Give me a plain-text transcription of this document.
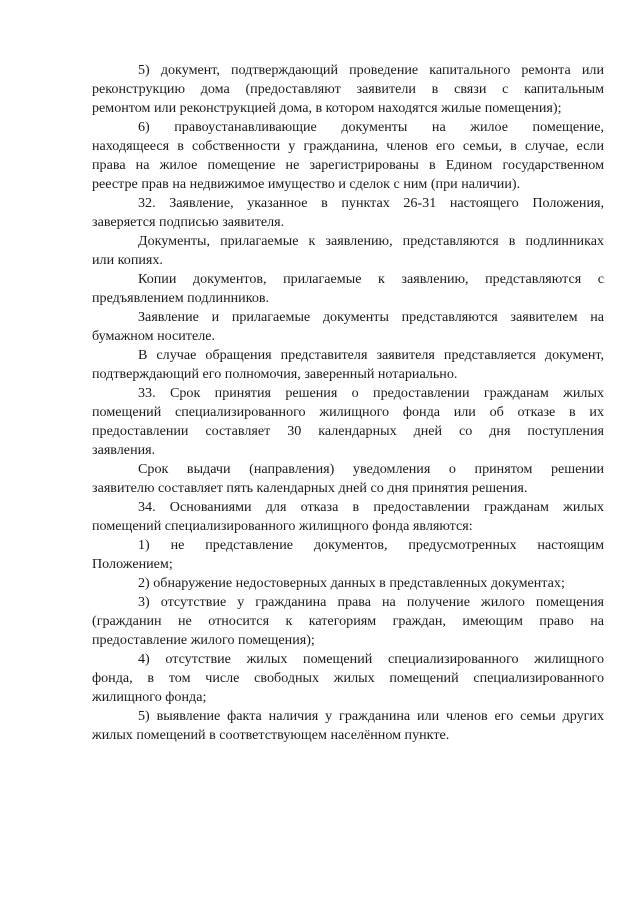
5) документ, подтверждающий проведение капитального ремонта или
реконструкцию дома (предоставляют заявители в связи с капитальным
ремонтом или реконструкцией дома, в котором находятся жилые помещения);
6) правоустанавливающие документы на жилое помещение,
находящееся в собственности у гражданина, членов его семьи, в случае, если
права на жилое помещение не зарегистрированы в Едином государственном
реестре прав на недвижимое имущество и сделок с ним (при наличии).
32. Заявление, указанное в пунктах 26-31 настоящего Положения,
заверяется подписью заявителя.
Документы, прилагаемые к заявлению, представляются в подлинниках
или копиях.
Копии документов, прилагаемые к заявлению, представляются с
предъявлением подлинников.
Заявление и прилагаемые документы представляются заявителем на
бумажном носителе.
В случае обращения представителя заявителя представляется документ,
подтверждающий его полномочия, заверенный нотариально.
33. Срок принятия решения о предоставлении гражданам жилых
помещений специализированного жилищного фонда или об отказе в их
предоставлении составляет 30 календарных дней со дня поступления
заявления.
Срок выдачи (направления) уведомления о принятом решении
заявителю составляет пять календарных дней со дня принятия решения.
34. Основаниями для отказа в предоставлении гражданам жилых
помещений специализированного жилищного фонда являются:
1) не представление документов, предусмотренных настоящим
Положением;
2) обнаружение недостоверных данных в представленных документах;
3) отсутствие у гражданина права на получение жилого помещения
(гражданин не относится к категориям граждан, имеющим право на
предоставление жилого помещения);
4) отсутствие жилых помещений специализированного жилищного
фонда, в том числе свободных жилых помещений специализированного
жилищного фонда;
5) выявление факта наличия у гражданина или членов его семьи других
жилых помещений в соответствующем населённом пункте.
